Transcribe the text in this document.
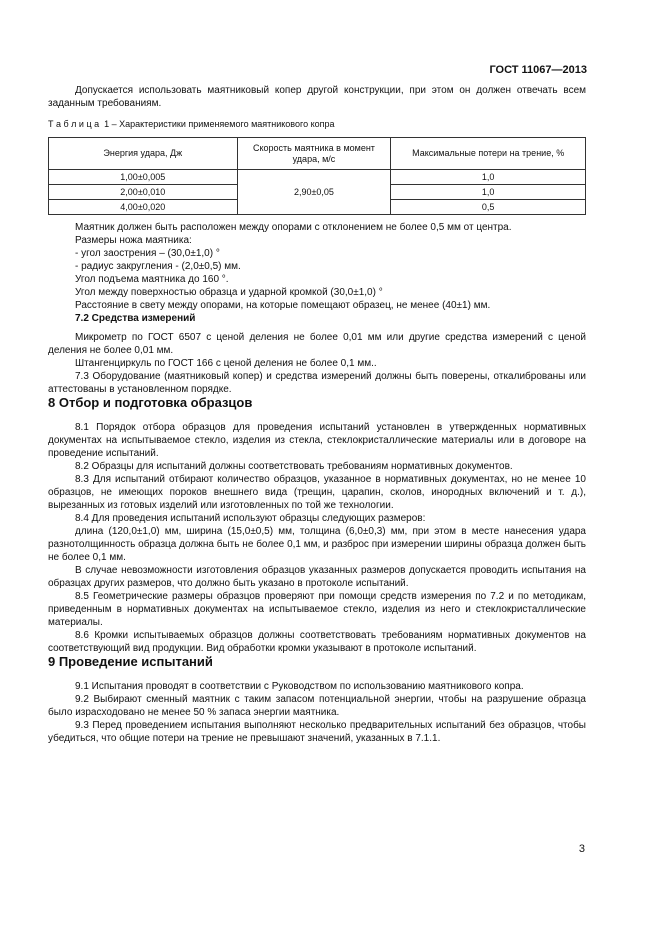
ГОСТ 11067—2013

Допускается использовать маятниковый копер другой конструкции, при этом он должен отвечать всем заданным требованиям.

Т а б л и ц а  1 – Характеристики применяемого маятникового копра
Энергия удара, Дж	Скорость маятника в момент удара, м/с	Максимальные потери на трение, %
1,00±0,005	2,90±0,05	1,0
2,00±0,010		1,0
4,00±0,020		0,5

Маятник должен быть расположен между опорами с отклонением не более 0,5 мм от центра.

Размеры ножа маятника:

- угол заострения – (30,0±1,0) °

- радиус закругления - (2,0±0,5) мм.

Угол подъема маятника до 160 °.

Угол между поверхностью образца и ударной кромкой (30,0±1,0) °

Расстояние в свету между опорами, на которые помещают образец, не менее (40±1) мм.

7.2 Средства измерений

Микрометр по ГОСТ 6507 с ценой деления не более 0,01 мм или другие средства измерений с ценой деления не более 0,01 мм.

Штангенциркуль по ГОСТ 166 с ценой деления не более 0,1 мм..

7.3 Оборудование (маятниковый копер) и средства измерений должны быть поверены, откалиброваны или аттестованы в установленном порядке.

8 Отбор и подготовка образцов

8.1 Порядок отбора образцов для проведения испытаний установлен в утвержденных нормативных документах на испытываемое стекло, изделия из стекла, стеклокристаллические материалы или в договоре на проведение испытаний.

8.2 Образцы для испытаний должны соответствовать требованиям нормативных документов.

8.3 Для испытаний отбирают количество образцов, указанное в нормативных документах, но не менее 10 образцов, не имеющих пороков внешнего вида (трещин, царапин, сколов, инородных включений и т. д.), вырезанных из готовых изделий или изготовленных по той же технологии.

8.4 Для проведения испытаний используют образцы следующих размеров:

длина (120,0±1,0) мм, ширина (15,0±0,5) мм, толщина (6,0±0,3) мм, при этом в месте нанесения удара разнотолщинность образца должна быть не более 0,1 мм, и разброс при измерении ширины образца должен быть не более 0,1 мм.

В случае невозможности изготовления образцов указанных размеров допускается проводить испытания на образцах других размеров, что должно быть указано в протоколе испытаний.

8.5 Геометрические размеры образцов проверяют при помощи средств измерения по 7.2 и по методикам, приведенным в нормативных документах на испытываемое стекло, изделия из него и стеклокристаллические материалы.

8.6 Кромки испытываемых образцов должны соответствовать требованиям нормативных документов на соответствующий вид продукции. Вид обработки кромки указывают в протоколе испытаний.

9 Проведение испытаний

9.1 Испытания проводят в соответствии с Руководством по использованию маятникового копра.

9.2 Выбирают сменный маятник с таким запасом потенциальной энергии, чтобы на разрушение образца было израсходовано не менее 50 % запаса энергии маятника.

9.3 Перед проведением испытания выполняют несколько предварительных испытаний без образцов, чтобы убедиться, что общие потери на трение не превышают значений, указанных в 7.1.1.

3
